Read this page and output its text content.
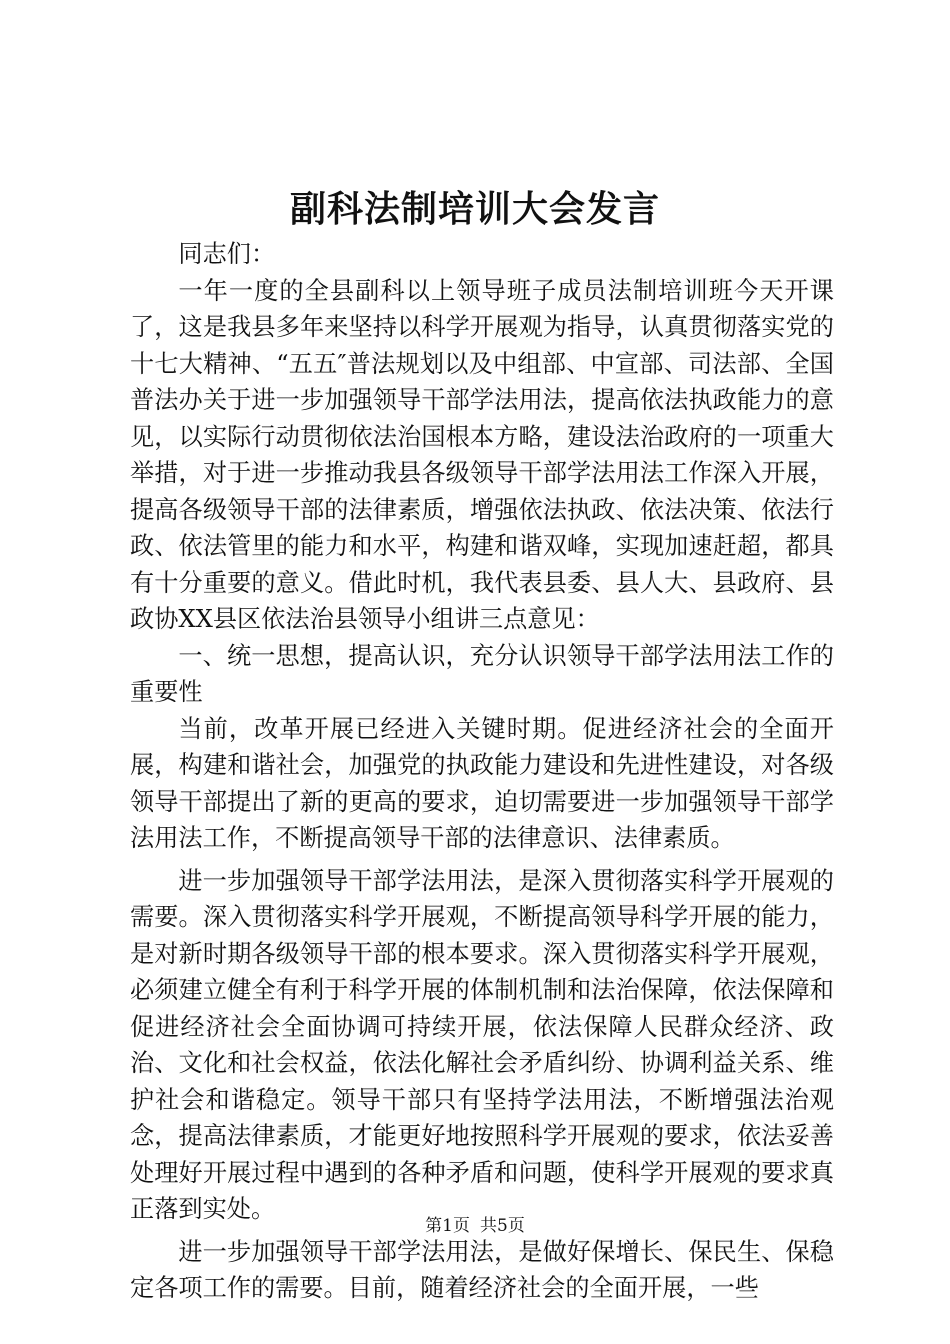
副科法制培训大会发言

同志们：

一年一度的全县副科以上领导班子成员法制培训班今天开课了，这是我县多年来坚持以科学开展观为指导，认真贯彻落实党的十七大精神、“五五″普法规划以及中组部、中宣部、司法部、全国普法办关于进一步加强领导干部学法用法，提高依法执政能力的意见，以实际行动贯彻依法治国根本方略，建设法治政府的一项重大举措，对于进一步推动我县各级领导干部学法用法工作深入开展，提高各级领导干部的法律素质，增强依法执政、依法决策、依法行政、依法管里的能力和水平，构建和谐双峰，实现加速赶超，都具有十分重要的意义。借此时机，我代表县委、县人大、县政府、县政协XX县区依法治县领导小组讲三点意见：

一、统一思想，提高认识，充分认识领导干部学法用法工作的重要性

当前，改革开展已经进入关键时期。促进经济社会的全面开展，构建和谐社会，加强党的执政能力建设和先进性建设，对各级领导干部提出了新的更高的要求，迫切需要进一步加强领导干部学法用法工作，不断提高领导干部的法律意识、法律素质。

进一步加强领导干部学法用法，是深入贯彻落实科学开展观的需要。深入贯彻落实科学开展观，不断提高领导科学开展的能力，是对新时期各级领导干部的根本要求。深入贯彻落实科学开展观，必须建立健全有利于科学开展的体制机制和法治保障，依法保障和促进经济社会全面协调可持续开展，依法保障人民群众经济、政治、文化和社会权益，依法化解社会矛盾纠纷、协调利益关系、维护社会和谐稳定。领导干部只有坚持学法用法，不断增强法治观念，提高法律素质，才能更好地按照科学开展观的要求，依法妥善处理好开展过程中遇到的各种矛盾和问题，使科学开展观的要求真正落到实处。

进一步加强领导干部学法用法，是做好保增长、保民生、保稳定各项工作的需要。目前，随着经济社会的全面开展，一些

第1页 共5页
